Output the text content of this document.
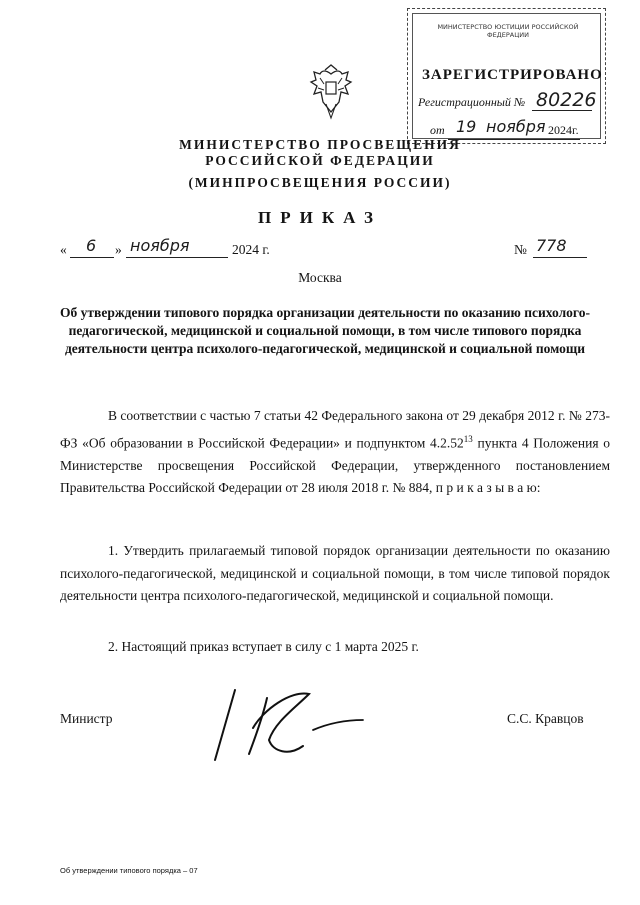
МИНИСТЕРСТВО ЮСТИЦИИ РОССИЙСКОЙ ФЕДЕРАЦИИ
ЗАРЕГИСТРИРОВАНО
Регистрационный № 80226
от 19 ноября 2024г.
МИНИСТЕРСТВО ПРОСВЕЩЕНИЯ
РОССИЙСКОЙ ФЕДЕРАЦИИ
(МИНПРОСВЕЩЕНИЯ РОССИИ)
ПРИКАЗ
« 6 » ноября	2024 г.	№ 778
Москва
Об утверждении типового порядка организации деятельности по оказанию психолого-педагогической, медицинской и социальной помощи, в том числе типового порядка деятельности центра психолого-педагогической, медицинской и социальной помощи
В соответствии с частью 7 статьи 42 Федерального закона от 29 декабря 2012 г. № 273-ФЗ «Об образовании в Российской Федерации» и подпунктом 4.2.52$^{13}$ пункта 4 Положения о Министерстве просвещения Российской Федерации, утвержденного постановлением Правительства Российской Федерации от 28 июля 2018 г. № 884, п р и к а з ы в а ю:
1. Утвердить прилагаемый типовой порядок организации деятельности по оказанию психолого-педагогической, медицинской и социальной помощи, в том числе типовой порядок деятельности центра психолого-педагогической, медицинской и социальной помощи.
2. Настоящий приказ вступает в силу с 1 марта 2025 г.
Министр	С.С. Кравцов
Об утверждении типового порядка – 07
